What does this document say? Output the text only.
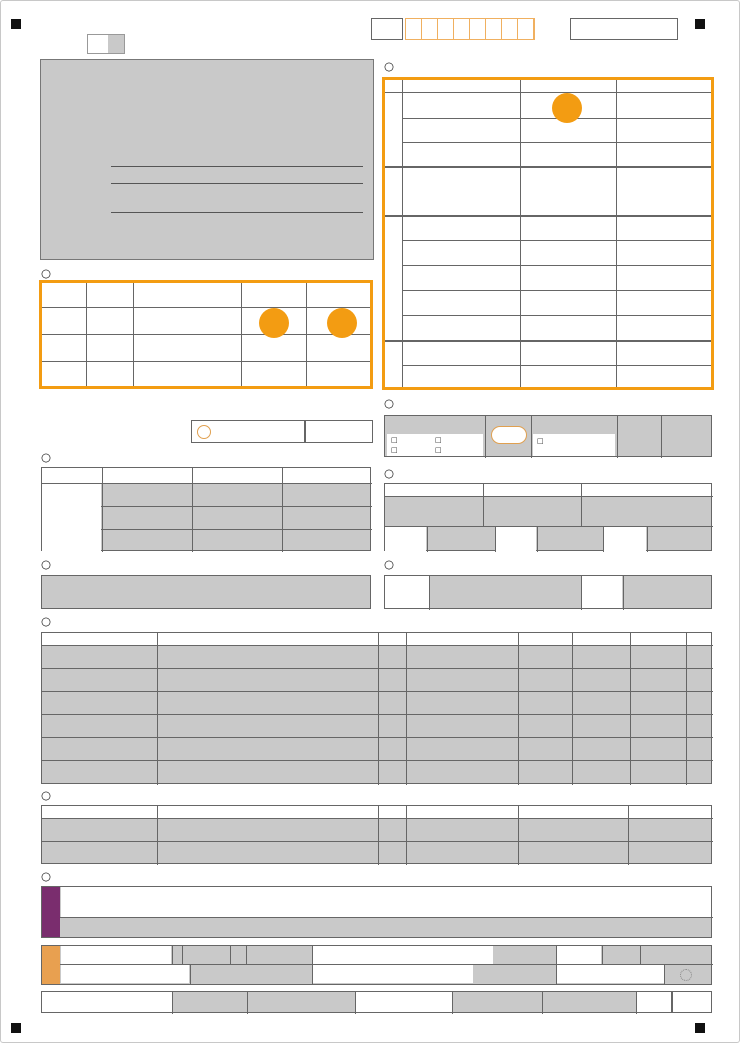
○
○
○
○
○
□
□
□
□
□
○
○
○
○
○
